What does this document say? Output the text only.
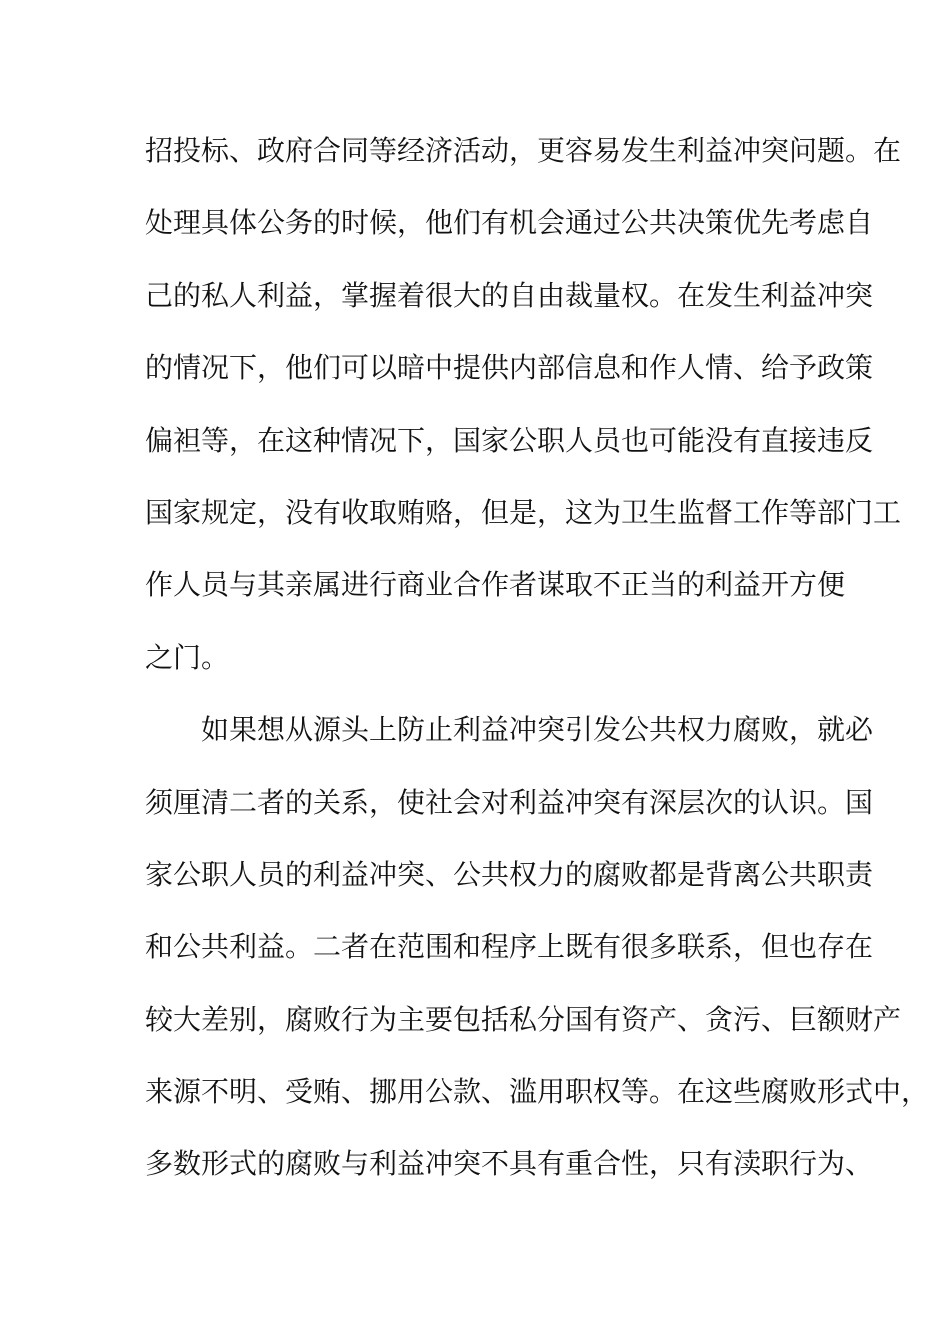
招投标、政府合同等经济活动，更容易发生利益冲突问题。在
处理具体公务的时候，他们有机会通过公共决策优先考虑自
己的私人利益，掌握着很大的自由裁量权。在发生利益冲突
的情况下，他们可以暗中提供内部信息和作人情、给予政策
偏袒等，在这种情况下，国家公职人员也可能没有直接违反
国家规定，没有收取贿赂，但是，这为卫生监督工作等部门工
作人员与其亲属进行商业合作者谋取不正当的利益开方便
之门。
如果想从源头上防止利益冲突引发公共权力腐败，就必
须厘清二者的关系，使社会对利益冲突有深层次的认识。国
家公职人员的利益冲突、公共权力的腐败都是背离公共职责
和公共利益。二者在范围和程序上既有很多联系，但也存在
较大差别，腐败行为主要包括私分国有资产、贪污、巨额财产
来源不明、受贿、挪用公款、滥用职权等。在这些腐败形式中，
多数形式的腐败与利益冲突不具有重合性，只有渎职行为、
